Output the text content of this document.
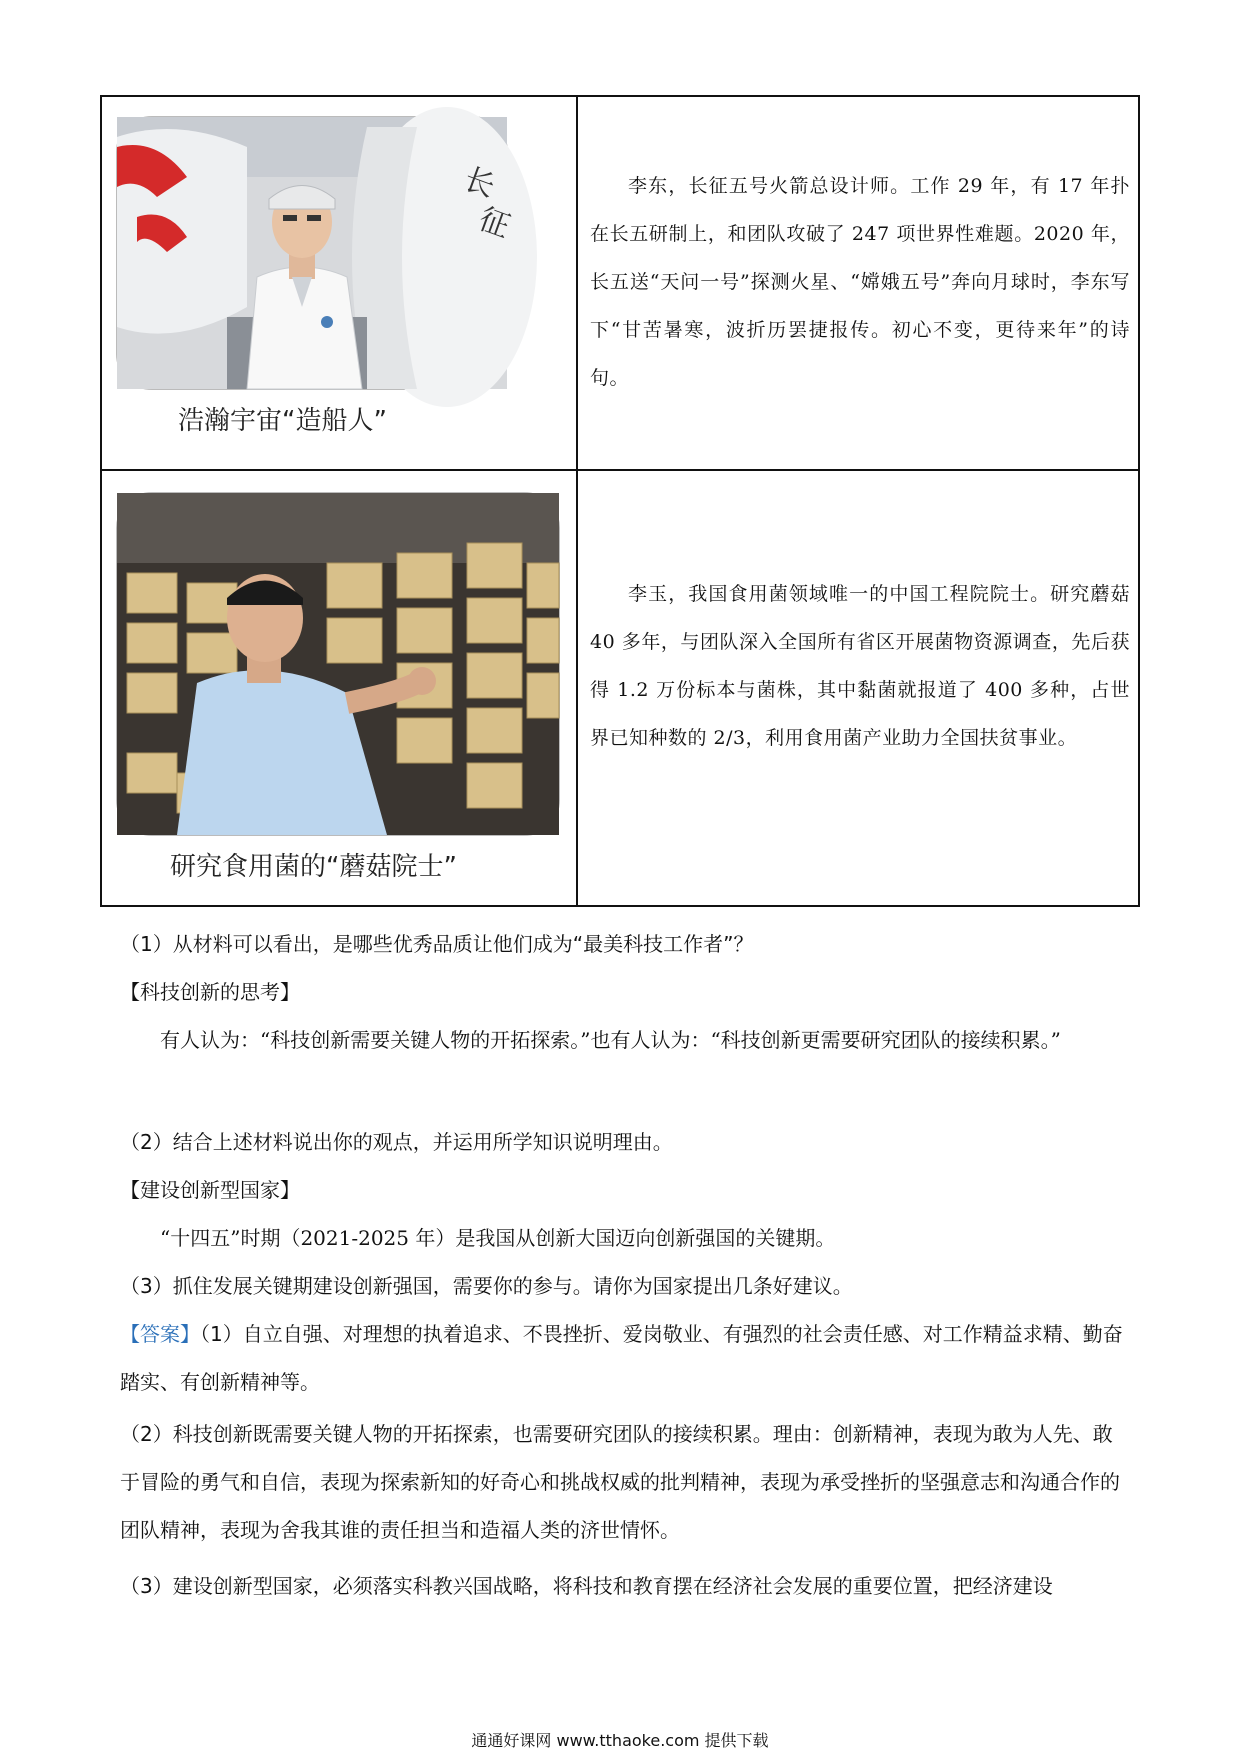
长
征
浩瀚宇宙“造船人”
李东，长征五号火箭总设计师。工作 29 年，有 17 年扑在长五研制上，和团队攻破了 247 项世界性难题。2020 年，长五送“天问一号”探测火星、“嫦娥五号”奔向月球时，李东写下“甘苦暑寒，波折历罢捷报传。初心不变，更待来年”的诗句。
研究食用菌的“蘑菇院士”
李玉，我国食用菌领域唯一的中国工程院院士。研究蘑菇 40 多年，与团队深入全国所有省区开展菌物资源调查，先后获得 1.2 万份标本与菌株，其中黏菌就报道了 400 多种，占世界已知种数的 2/3，利用食用菌产业助力全国扶贫事业。
（1）从材料可以看出，是哪些优秀品质让他们成为“最美科技工作者”？
【科技创新的思考】
有人认为：“科技创新需要关键人物的开拓探索。”也有人认为：“科技创新更需要研究团队的接续积累。”
（2）结合上述材料说出你的观点，并运用所学知识说明理由。
【建设创新型国家】
“十四五”时期（2021-2025 年）是我国从创新大国迈向创新强国的关键期。
（3）抓住发展关键期建设创新强国，需要你的参与。请你为国家提出几条好建议。
【答案】（1）自立自强、对理想的执着追求、不畏挫折、爱岗敬业、有强烈的社会责任感、对工作精益求精、勤奋踏实、有创新精神等。
（2）科技创新既需要关键人物的开拓探索，也需要研究团队的接续积累。理由：创新精神，表现为敢为人先、敢于冒险的勇气和自信，表现为探索新知的好奇心和挑战权威的批判精神，表现为承受挫折的坚强意志和沟通合作的团队精神，表现为舍我其谁的责任担当和造福人类的济世情怀。
（3）建设创新型国家，必须落实科教兴国战略，将科技和教育摆在经济社会发展的重要位置，把经济建设
通通好课网 www.tthaoke.com 提供下载
